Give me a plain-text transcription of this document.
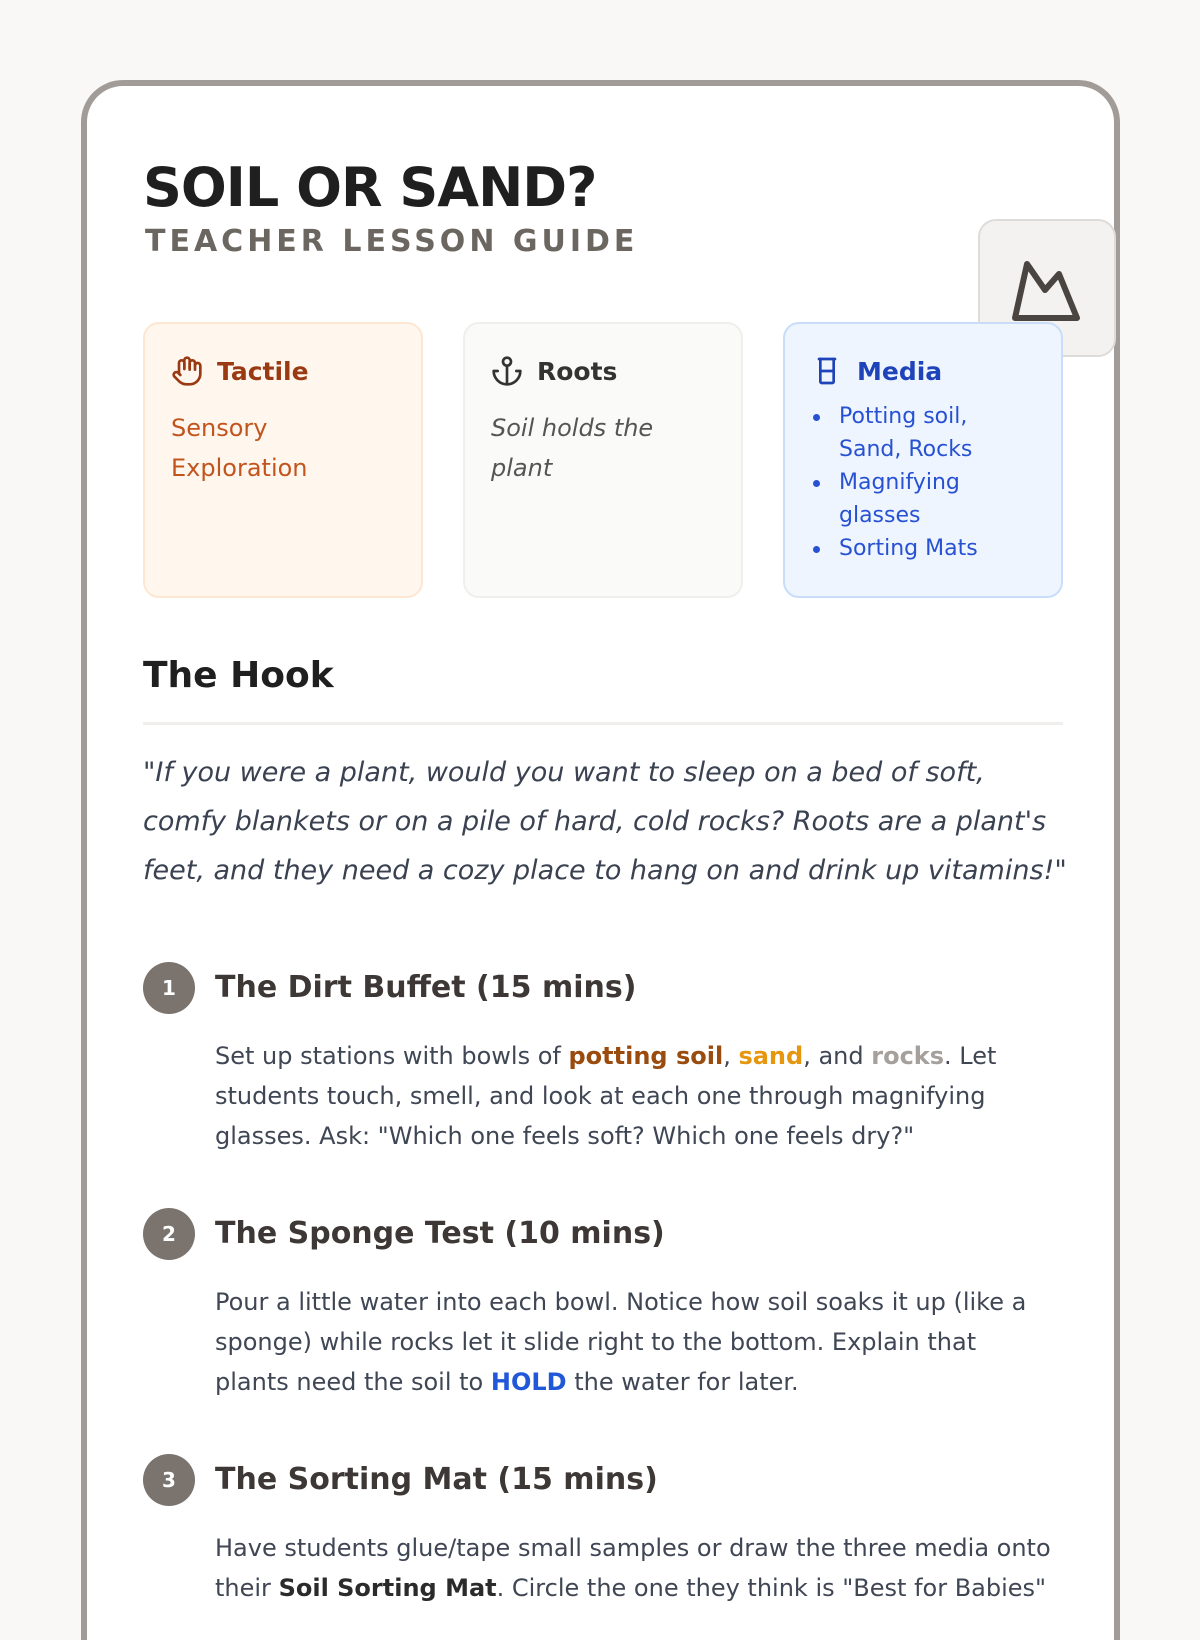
SOIL OR SAND?
TEACHER LESSON GUIDE
Tactile
Sensory Exploration
Roots
Soil holds the plant
Media
Potting soil, Sand, Rocks
Magnifying glasses
Sorting Mats
The Hook
"If you were a plant, would you want to sleep on a bed of soft, comfy blankets or on a pile of hard, cold rocks? Roots are a plant's feet, and they need a cozy place to hang on and drink up vitamins!"
1	The Dirt Buffet (15 mins)
Set up stations with bowls of potting soil, sand, and rocks. Let students touch, smell, and look at each one through magnifying glasses. Ask: "Which one feels soft? Which one feels dry?"
2	The Sponge Test (10 mins)
Pour a little water into each bowl. Notice how soil soaks it up (like a sponge) while rocks let it slide right to the bottom. Explain that plants need the soil to HOLD the water for later.
3	The Sorting Mat (15 mins)
Have students glue/tape small samples or draw the three media onto their Soil Sorting Mat. Circle the one they think is "Best for Babies"
